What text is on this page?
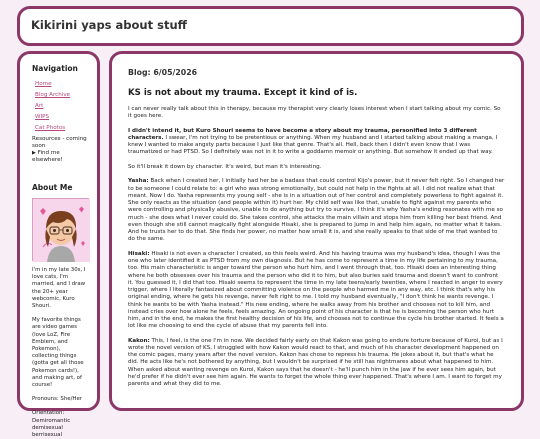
Kikirini yaps about stuff
Navigation
Home
Blog Archive
Art
WIPS
Cat Photos
Resources - coming soon
▶ Find me elsewhere!
About Me
I'm in my late 30s, I love cats, I'm married, and I draw the 20+ year webcomic, Kuro Shouri.
My favorite things are video games (love LoZ, Fire Emblem, and Pokemon), collecting things (gotta get all those Pokemon cards!), and making art, of course!
Pronouns: She/Her
Orientation: Demiromantic demisexual berrisexual
Blog: 6/05/2026
KS is not about my trauma. Except it kind of is.

I can never really talk about this in therapy, because my therapist very clearly loses interest when I start talking about my comic. So it goes here.

I didn't intend it, but Kuro Shouri seems to have become a story about my trauma, personified into 3 different characters. I swear, I'm not trying to be pretentious or anything. When my husband and I started talking about making a manga, I knew I wanted to make angsty parts because I just like that genre. That's all. Hell, back then I didn't even know that I was traumatized or had PTSD. So I definitely was not in it to write a goddamn memoir or anything. But somehow it ended up that way.

So it'll break it down by character. It's weird, but man it's interesting.

Yasha: Back when I created her, I initially had her be a badass that could control Kijo's power, but it never felt right. So I changed her to be someone I could relate to: a girl who was strong emotionally, but could not help in the fights at all. I did not realize what that meant. Now I do. Yasha represents my young self - she is in a situation out of her control and completely powerless to fight against it. She only reacts as the situation (and people within it) hurt her. My child self was like that, unable to fight against my parents who were controlling and physically abusive, unable to do anything but try to survive. I think it's why Yasha's ending resonates with me so much - she does what I never could do. She takes control, she attacks the main villain and stops him from killing her best friend. And even though she still cannot magically fight alongside Hisaki, she is prepared to jump in and help him again, no matter what it takes. And he trusts her to do that. She finds her power, no matter how small it is, and she really speaks to that side of me that wanted to do the same.

Hisaki: Hisaki is not even a character I created, so this feels weird. And his having trauma was my husband's idea, though I was the one who later identified it as PTSD from my own diagnosis. But he has come to represent a time in my life pertaining to my trauma, too. His main characteristic is anger toward the person who hurt him, and I went through that, too. Hisaki does an interesting thing where he both obsesses over his trauma and the person who did it to him, but also buries said trauma and doesn't want to confront it. You guessed it, I did that too. Hisaki seems to represent the time in my late teens/early twenties, where I reacted in anger to every trigger, where I literally fantasized about committing violence on the people who harmed me in any way, etc. I think that's why his original ending, where he gets his revenge, never felt right to me. I told my husband eventually, "I don't think he wants revenge. I think he wants to be with Yasha instead." His new ending, where he walks away from his brother and chooses not to kill him, and instead cries over how alone he feels, feels amazing. An ongoing point of his character is that he is becoming the person who hurt him, and in the end, he makes the first healthy decision of his life, and chooses not to continue the cycle his brother started. It feels a lot like me choosing to end the cycle of abuse that my parents fell into.

Kakon: This, I feel, is the one I'm in now. We decided fairly early on that Kakon was going to endure torture because of Kuroi, but as I wrote the novel version of KS, I struggled with how Kakon would react to that, and much of his character development happened on the comic pages, many years after the novel version. Kakon has chose to repress his trauma. He jokes about it, but that's what he did. He acts like he's not bothered by anything, but I wouldn't be surprised if he still has nightmares about what happened to him. When asked about wanting revenge on Kuroi, Kakon says that he doesn't - he'll punch him in the jaw if he ever sees him again, but he'd prefer if he didn't ever see him again. He wants to forget the whole thing ever happened. That's where I am. I want to forget my parents and what they did to me.
